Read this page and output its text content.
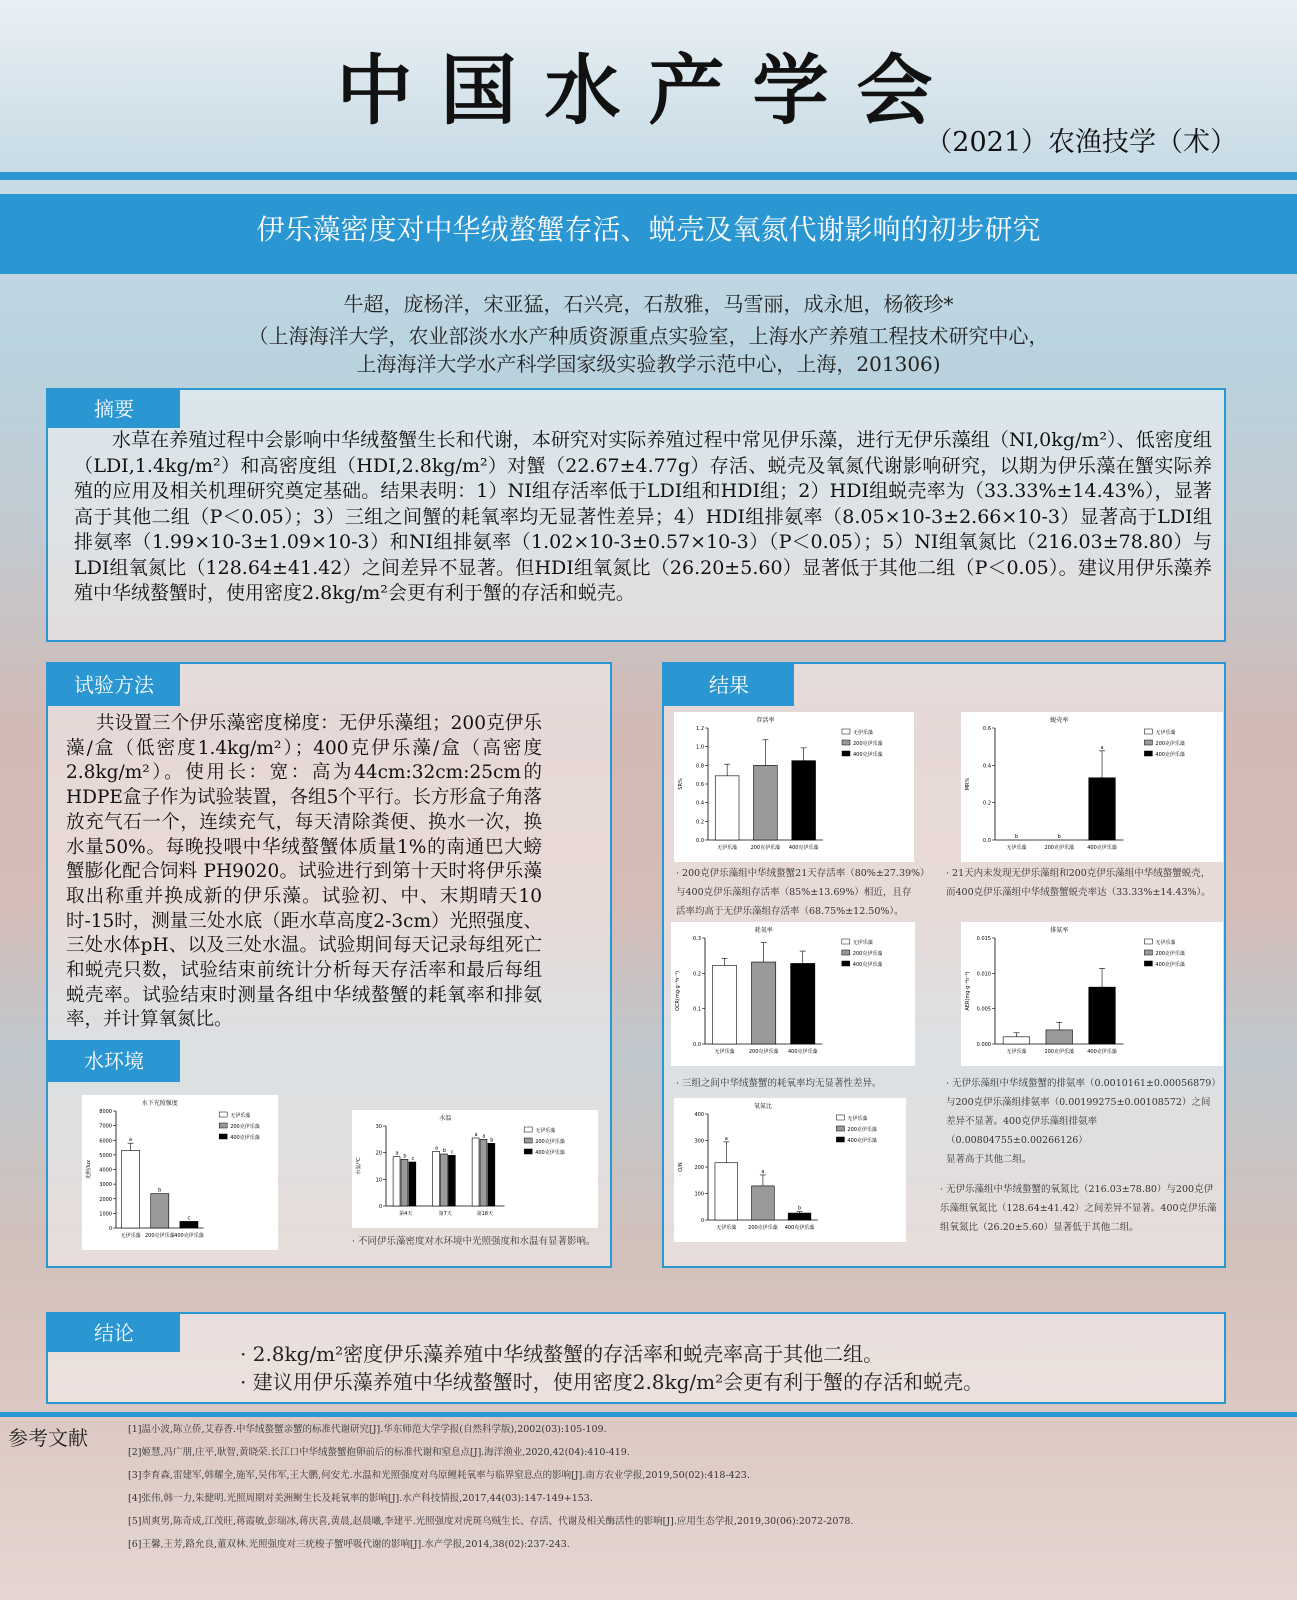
中国水产学会
（2021）农渔技学（术）
伊乐藻密度对中华绒螯蟹存活、蜕壳及氧氮代谢影响的初步研究
牛超，庞杨洋，宋亚猛，石兴亮，石敖雅，马雪丽，成永旭，杨筱珍*
（上海海洋大学，农业部淡水水产种质资源重点实验室，上海水产养殖工程技术研究中心，
上海海洋大学水产科学国家级实验教学示范中心，上海，201306)
摘要
水草在养殖过程中会影响中华绒螯蟹生长和代谢，本研究对实际养殖过程中常见伊乐藻，进行无伊乐藻组（NI,0kg/m²）、低密度组（LDI,1.4kg/m²）和高密度组（HDI,2.8kg/m²）对蟹（22.67±4.77g）存活、蜕壳及氧氮代谢影响研究，以期为伊乐藻在蟹实际养殖的应用及相关机理研究奠定基础。结果表明：1）NI组存活率低于LDI组和HDI组；2）HDI组蜕壳率为（33.33%±14.43%），显著高于其他二组（P＜0.05）；3）三组之间蟹的耗氧率均无显著性差异；4）HDI组排氨率（8.05×10-3±2.66×10-3）显著高于LDI组排氨率（1.99×10-3±1.09×10-3）和NI组排氨率（1.02×10-3±0.57×10-3）（P＜0.05）；5）NI组氧氮比（216.03±78.80）与LDI组氧氮比（128.64±41.42）之间差异不显著。但HDI组氧氮比（26.20±5.60）显著低于其他二组（P＜0.05）。建议用伊乐藻养殖中华绒螯蟹时，使用密度2.8kg/m²会更有利于蟹的存活和蜕壳。
试验方法
共设置三个伊乐藻密度梯度：无伊乐藻组；200克伊乐藻/盒（低密度1.4kg/m²）；400克伊乐藻/盒（高密度2.8kg/m²）。使用长：宽：高为44cm:32cm:25cm的HDPE盒子作为试验装置，各组5个平行。长方形盒子角落放充气石一个，连续充气，每天清除粪便、换水一次，换水量50%。每晚投喂中华绒螯蟹体质量1%的南通巴大螃蟹膨化配合饲料 PH9020。试验进行到第十天时将伊乐藻取出称重并换成新的伊乐藻。试验初、中、末期晴天10时-15时，测量三处水底（距水草高度2-3cm）光照强度、三处水体pH、以及三处水温。试验期间每天记录每组死亡和蜕壳只数，试验结束前统计分析每天存活率和最后每组蜕壳率。试验结束时测量各组中华绒螯蟹的耗氧率和排氨率，并计算氧氮比。
水环境
水下光照强度
光照/lux
0
1000
2000
3000
4000
5000
6000
7000
8000
a
无伊乐藻
b
200克伊乐藻
c
400克伊乐藻
无伊乐藻
200克伊乐藻
400克伊乐藻
水温
水温/℃
0
10
20
30
a b c
第4天
a b c
第7天
a a
b
第18天
无伊乐藻
200克伊乐藻
400克伊乐藻
· 不同伊乐藻密度对水环境中光照强度和水温有显著影响。
结果
存活率
SR%
0.0
0.2
0.4
0.6
0.8
1.0
1.2
无伊乐藻	200克伊乐藻 400克伊乐藻
无伊乐藻
200克伊乐藻
400克伊乐藻
蜕壳率
MR%
0.0
0.2
0.4
0.6
b
无伊乐藻
b
200克伊乐藻
a
400克伊乐藻
无伊乐藻
200克伊乐藻
400克伊乐藻
· 200克伊乐藻组中华绒螯蟹21天存活率（80%±27.39%）
与400克伊乐藻组存活率（85%±13.69%）相近，且存
活率均高于无伊乐藻组存活率（68.75%±12.50%）。
· 21天内未发现无伊乐藻组和200克伊乐藻组中华绒螯蟹蜕壳，
而400克伊乐藻组中华绒螯蟹蜕壳率达（33.33%±14.43%）。
耗氧率
OCR(mg·g⁻¹h⁻¹)
0.0
0.1
0.2
0.3
无伊乐藻	200克伊乐藻 400克伊乐藻
无伊乐藻
200克伊乐藻
400克伊乐藻
排氨率
AER(mg·g⁻¹h⁻¹)
0.000
0.005
0.010
0.015
无伊乐藻	200克伊乐藻	400克伊乐藻
无伊乐藻
200克伊乐藻
400克伊乐藻
· 三组之间中华绒螯蟹的耗氧率均无显著性差异。	· 无伊乐藻组中华绒螯蟹的排氨率（0.0010161±0.00056879）
与200克伊乐藻组排氨率（0.00199275±0.00108572）之间
差异不显著。400克伊乐藻组排氨率（0.00804755±0.00266126）
显著高于其他二组。
氧氮比
O/N
0
100
200
300
400
a
无伊乐藻
a
200克伊乐藻
b
400克伊乐藻
无伊乐藻
200克伊乐藻
400克伊乐藻
· 无伊乐藻组中华绒螯蟹的氧氮比（216.03±78.80）与200克伊
乐藻组氧氮比（128.64±41.42）之间差异不显著。400克伊乐藻
组氧氮比（26.20±5.60）显著低于其他二组。
结论
· 2.8kg/m²密度伊乐藻养殖中华绒螯蟹的存活率和蜕壳率高于其他二组。
· 建议用伊乐藻养殖中华绒螯蟹时，使用密度2.8kg/m²会更有利于蟹的存活和蜕壳。
参考文献	[1]温小波,陈立侨,艾春香.中华绒螯蟹亲蟹的标准代谢研究[J].华东师范大学学报(自然科学版),2002(03):105-109.
[2]姬慧,冯广朋,庄平,耿智,黄晓荣.长江口中华绒螯蟹抱卵前后的标准代谢和窒息点[J].海洋渔业,2020,42(04):410-419.
[3]李育森,雷建军,韩耀全,施军,吴伟军,王大鹏,何安尤.水温和光照强度对乌原鲤耗氧率与临界窒息点的影响[J].南方农业学报,2019,50(02):418-423.
[4]张伟,韩一力,朱健明.光照周期对美洲鲥生长及耗氧率的影响[J].水产科技情报,2017,44(03):147-149+153.
[5]周爽男,陈奇成,江茂旺,蒋霞敏,彭瑞冰,蒋庆喜,黄晨,赵晨曦,李建平.光照强度对虎斑乌贼生长、存活、代谢及相关酶活性的影响[J].应用生态学报,2019,30(06):2072-2078.
[6]王馨,王芳,路允良,董双林.光照强度对三疣梭子蟹呼吸代谢的影响[J].水产学报,2014,38(02):237-243.
